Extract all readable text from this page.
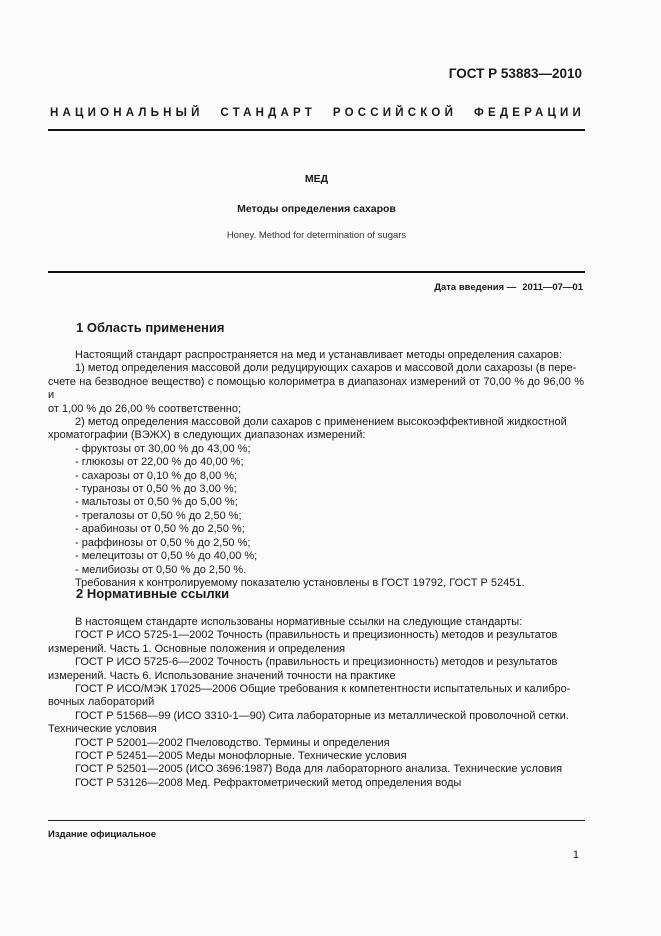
ГОСТ Р 53883—2010
НАЦИОНАЛЬНЫЙ СТАНДАРТ РОССИЙСКОЙ ФЕДЕРАЦИИ
МЕД
Методы определения сахаров
Honey. Method for determination of sugars
Дата введения — 2011—07—01
1 Область применения

Настоящий стандарт распространяется на мед и устанавливает методы определения сахаров:

1) метод определения массовой доли редуцирующих сахаров и массовой доли сахарозы (в пере-

счете на безводное вещество) с помощью колориметра в диапазонах измерений от 70,00 % до 96,00 % и

от 1,00 % до 26,00 % соответственно;

2) метод определения массовой доли сахаров с применением высокоэффективной жидкостной

хроматографии (ВЭЖХ) в следующих диапазонах измерений:

- фруктозы от 30,00 % до 43,00 %;

- глюкозы от 22,00 % до 40,00 %;

- сахарозы от 0,10 % до 8,00 %;

- туранозы от 0,50 % до 3,00 %;

- мальтозы от 0,50 % до 5,00 %;

- трегалозы от 0,50 % до 2,50 %;

- арабинозы от 0,50 % до 2,50 %;

- раффинозы от 0,50 % до 2,50 %;

- мелецитозы от 0,50 % до 40,00 %;

- мелибиозы от 0,50 % до 2,50 %.

Требования к контролируемому показателю установлены в ГОСТ 19792, ГОСТ Р 52451.

2 Нормативные ссылки

В настоящем стандарте использованы нормативные ссылки на следующие стандарты:

ГОСТ Р ИСО 5725-1—2002 Точность (правильность и прецизионность) методов и результатов

измерений. Часть 1. Основные положения и определения

ГОСТ Р ИСО 5725-6—2002 Точность (правильность и прецизионность) методов и результатов

измерений. Часть 6. Использование значений точности на практике

ГОСТ Р ИСО/МЭК 17025—2006 Общие требования к компетентности испытательных и калибро-

вочных лабораторий

ГОСТ Р 51568—99 (ИСО 3310-1—90) Сита лабораторные из металлической проволочной сетки.

Технические условия

ГОСТ Р 52001—2002 Пчеловодство. Термины и определения

ГОСТ Р 52451—2005 Меды монофлорные. Технические условия

ГОСТ Р 52501—2005 (ИСО 3696:1987) Вода для лабораторного анализа. Технические условия

ГОСТ Р 53126—2008 Мед. Рефрактометрический метод определения воды

Издание официальное
1
